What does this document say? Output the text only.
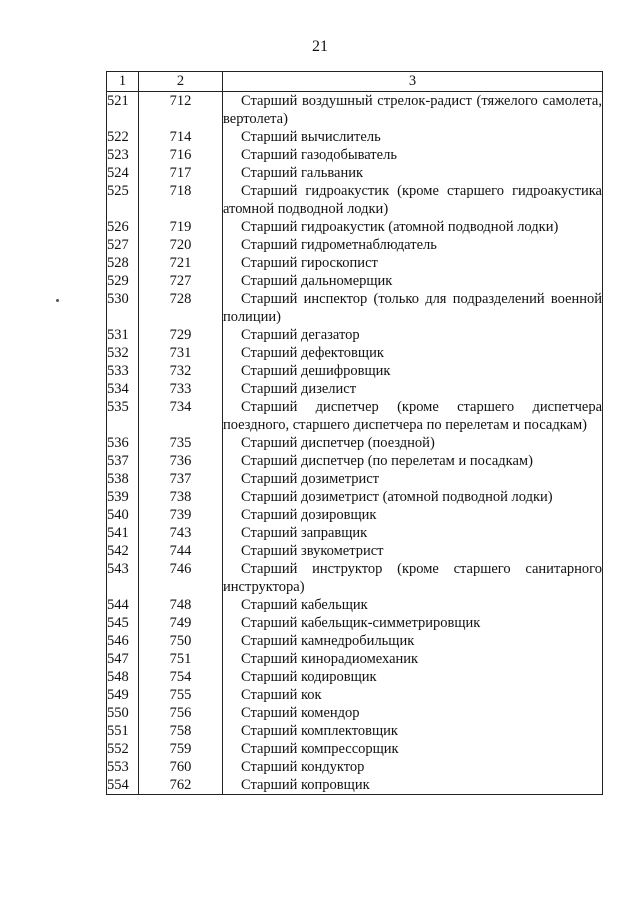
21
1	2	3
521	712	Старший воздушный стрелок-радист (тяжелого самолета, вертолета)
522	714	Старший вычислитель
523	716	Старший газодобыватель
524	717	Старший гальваник
525	718	Старший гидроакустик (кроме старшего гидроакустика атомной подводной лодки)
526	719	Старший гидроакустик (атомной подводной лодки)
527	720	Старший гидрометнаблюдатель
528	721	Старший гироскопист
529	727	Старший дальномерщик
530	728	Старший инспектор (только для подразделений военной полиции)
531	729	Старший дегазатор
532	731	Старший дефектовщик
533	732	Старший дешифровщик
534	733	Старший дизелист
535	734	Старший диспетчер (кроме старшего диспетчера поездного, старшего диспетчера по перелетам и посадкам)
536	735	Старший диспетчер (поездной)
537	736	Старший диспетчер (по перелетам и посадкам)
538	737	Старший дозиметрист
539	738	Старший дозиметрист (атомной подводной лодки)
540	739	Старший дозировщик
541	743	Старший заправщик
542	744	Старший звукометрист
543	746	Старший инструктор (кроме старшего санитарного инструктора)
544	748	Старший кабельщик
545	749	Старший кабельщик-симметрировщик
546	750	Старший камнедробильщик
547	751	Старший кинорадиомеханик
548	754	Старший кодировщик
549	755	Старший кок
550	756	Старший комендор
551	758	Старший комплектовщик
552	759	Старший компрессорщик
553	760	Старший кондуктор
554	762	Старший копровщик
